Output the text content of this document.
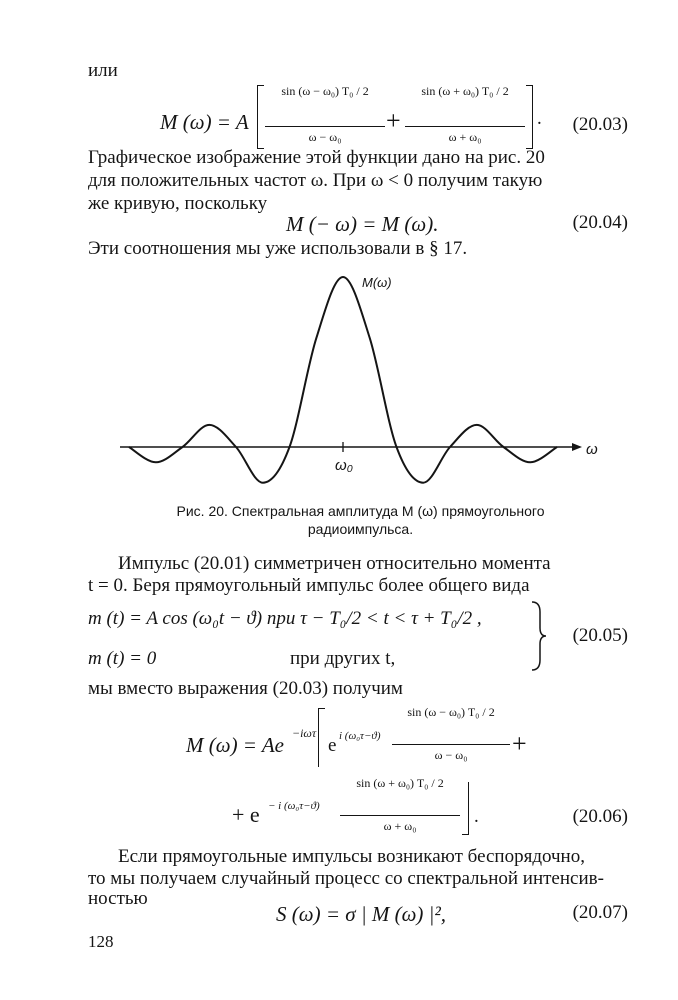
или
M (ω) = A
sin (ω − ω₀) T₀ / 2
ω − ω₀
+
sin (ω + ω₀) T₀ / 2
ω + ω₀
. (20.03)
Графическое изображение этой функции дано на рис. 20
для положительных частот ω. При ω < 0 получим такую
же кривую, поскольку
M (− ω) = M (ω).	(20.04)
Эти соотношения мы уже использовали в § 17.
M(ω)
ω
ω₀
Рис. 20. Спектральная амплитуда M (ω) прямоугольного
радиоимпульса.
Импульс (20.01) симметричен относительно момента
t = 0. Беря прямоугольный импульс более общего вида
m (t) = A cos (ω₀t − ϑ) при τ − T₀/2 < t < τ + T₀/2 ,
m (t) = 0	при других t,
(20.05)
мы вместо выражения (20.03) получим
M (ω) = Ae −iωτ
e i (ω₀τ−ϑ)
sin (ω − ω₀) T₀ / 2
ω − ω₀	+
+ e − i (ω₀τ−ϑ)
sin (ω + ω₀) T₀ / 2
ω + ω₀	.	(20.06)
Если прямоугольные импульсы возникают беспорядочно,
то мы получаем случайный процесс со спектральной интенсив-
ностью
S (ω) = σ | M (ω) |²,	(20.07)
128
